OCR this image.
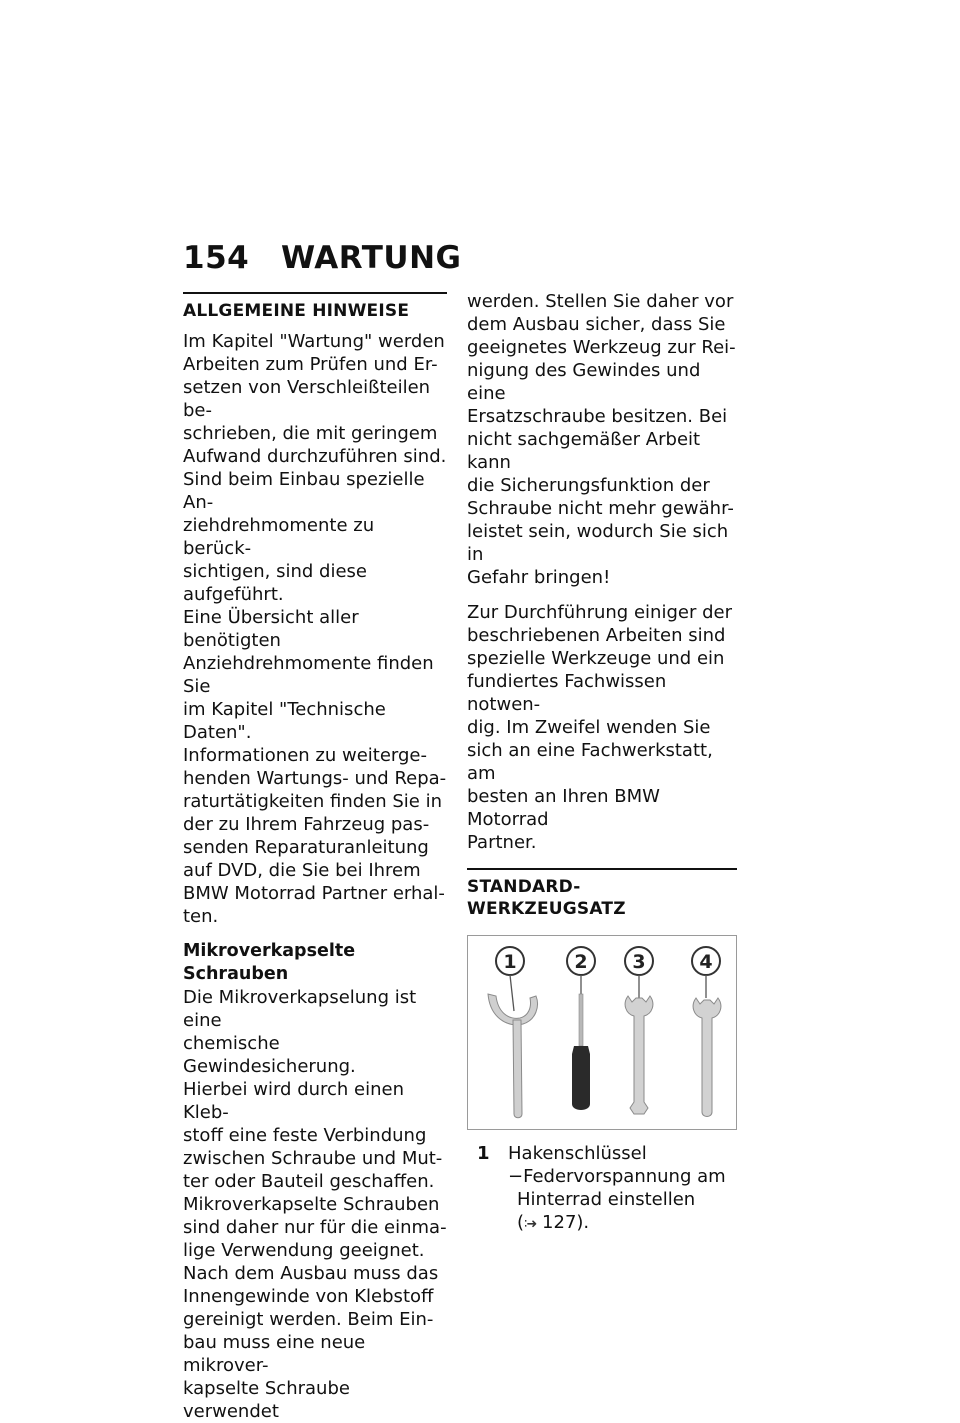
154 WARTUNG
ALLGEMEINE HINWEISE

Im Kapitel "Wartung" werden

Arbeiten zum Prüfen und Er-

setzen von Verschleißteilen be-

schrieben, die mit geringem

Aufwand durchzuführen sind.

Sind beim Einbau spezielle An-

ziehdrehmomente zu berück-

sichtigen, sind diese aufgeführt.

Eine Übersicht aller benötigten

Anziehdrehmomente finden Sie

im Kapitel "Technische Daten".

Informationen zu weiterge-

henden Wartungs- und Repa-

raturtätigkeiten finden Sie in

der zu Ihrem Fahrzeug pas-

senden Reparaturanleitung

auf DVD, die Sie bei Ihrem

BMW Motorrad Partner erhal-

ten.

Mikroverkapselte Schrauben

Die Mikroverkapselung ist eine

chemische Gewindesicherung.

Hierbei wird durch einen Kleb-

stoff eine feste Verbindung

zwischen Schraube und Mut-

ter oder Bauteil geschaffen.

Mikroverkapselte Schrauben

sind daher nur für die einma-

lige Verwendung geeignet.

Nach dem Ausbau muss das

Innengewinde von Klebstoff

gereinigt werden. Beim Ein-

bau muss eine neue mikrover-

kapselte Schraube verwendet

werden. Stellen Sie daher vor

dem Ausbau sicher, dass Sie

geeignetes Werkzeug zur Rei-

nigung des Gewindes und eine

Ersatzschraube besitzen. Bei

nicht sachgemäßer Arbeit kann

die Sicherungsfunktion der

Schraube nicht mehr gewähr-

leistet sein, wodurch Sie sich in

Gefahr bringen!

Zur Durchführung einiger der

beschriebenen Arbeiten sind

spezielle Werkzeuge und ein

fundiertes Fachwissen notwen-

dig. Im Zweifel wenden Sie

sich an eine Fachwerkstatt, am

besten an Ihren BMW Motorrad

Partner.

STANDARD-WERKZEUGSATZ
1	2 3	4
1 Hakenschlüssel
−Federvorspannung am
Hinterrad einstellen
(∶➜ 127).
